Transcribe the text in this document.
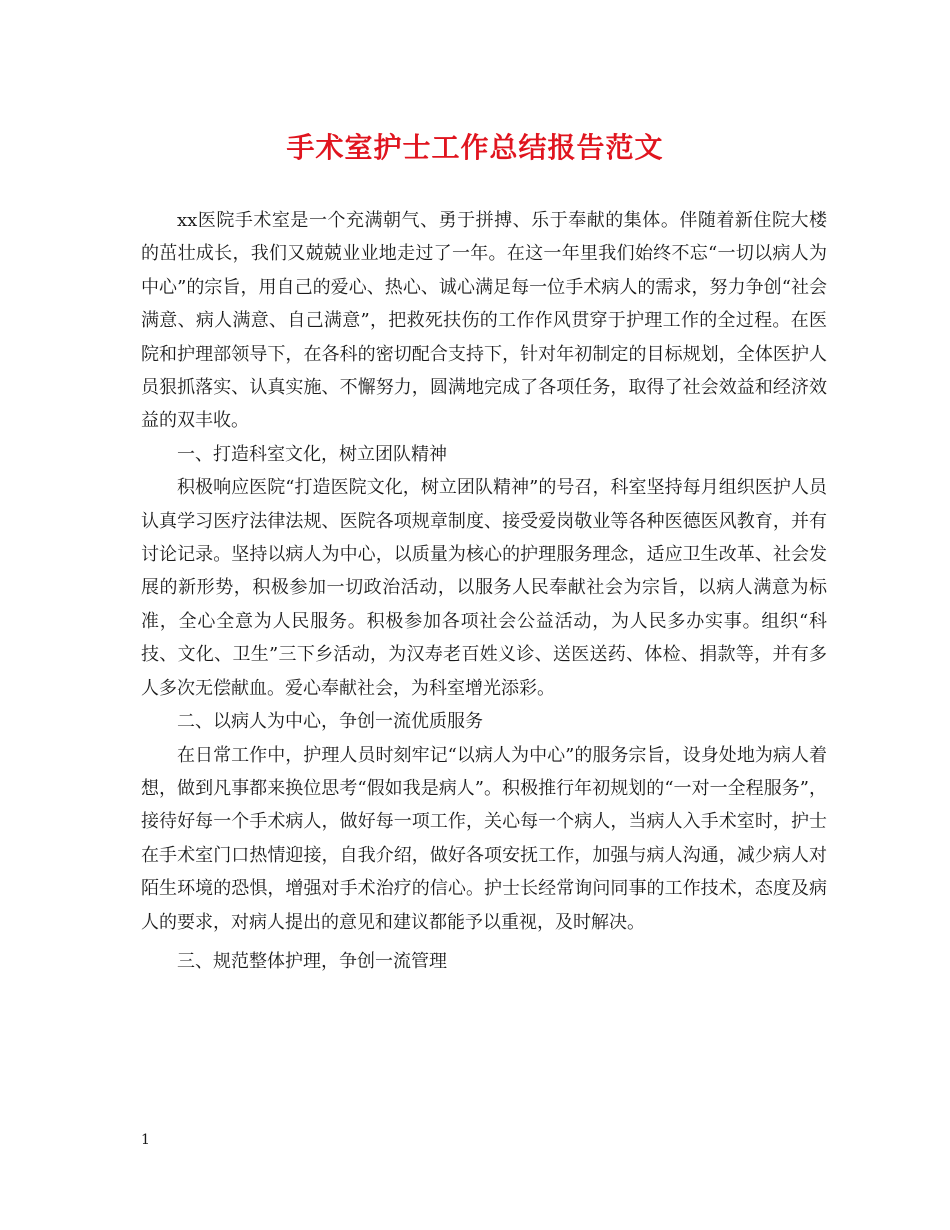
手术室护士工作总结报告范文

xx医院手术室是一个充满朝气、勇于拼搏、乐于奉献的集体。伴随着新住院大楼的茁壮成长，我们又兢兢业业地走过了一年。在这一年里我们始终不忘“一切以病人为中心”的宗旨，用自己的爱心、热心、诚心满足每一位手术病人的需求，努力争创“社会满意、病人满意、自己满意”，把救死扶伤的工作作风贯穿于护理工作的全过程。在医院和护理部领导下，在各科的密切配合支持下，针对年初制定的目标规划，全体医护人员狠抓落实、认真实施、不懈努力，圆满地完成了各项任务，取得了社会效益和经济效益的双丰收。

一、打造科室文化，树立团队精神

积极响应医院“打造医院文化，树立团队精神”的号召，科室坚持每月组织医护人员认真学习医疗法律法规、医院各项规章制度、接受爱岗敬业等各种医德医风教育，并有讨论记录。坚持以病人为中心，以质量为核心的护理服务理念，适应卫生改革、社会发展的新形势，积极参加一切政治活动，以服务人民奉献社会为宗旨，以病人满意为标准，全心全意为人民服务。积极参加各项社会公益活动，为人民多办实事。组织“科技、文化、卫生”三下乡活动，为汉寿老百姓义诊、送医送药、体检、捐款等，并有多人多次无偿献血。爱心奉献社会，为科室增光添彩。

二、以病人为中心，争创一流优质服务

在日常工作中，护理人员时刻牢记“以病人为中心”的服务宗旨，设身处地为病人着想，做到凡事都来换位思考“假如我是病人”。积极推行年初规划的“一对一全程服务”，接待好每一个手术病人，做好每一项工作，关心每一个病人，当病人入手术室时，护士在手术室门口热情迎接，自我介绍，做好各项安抚工作，加强与病人沟通，减少病人对陌生环境的恐惧，增强对手术治疗的信心。护士长经常询问同事的工作技术，态度及病人的要求，对病人提出的意见和建议都能予以重视，及时解决。

三、规范整体护理，争创一流管理

1
